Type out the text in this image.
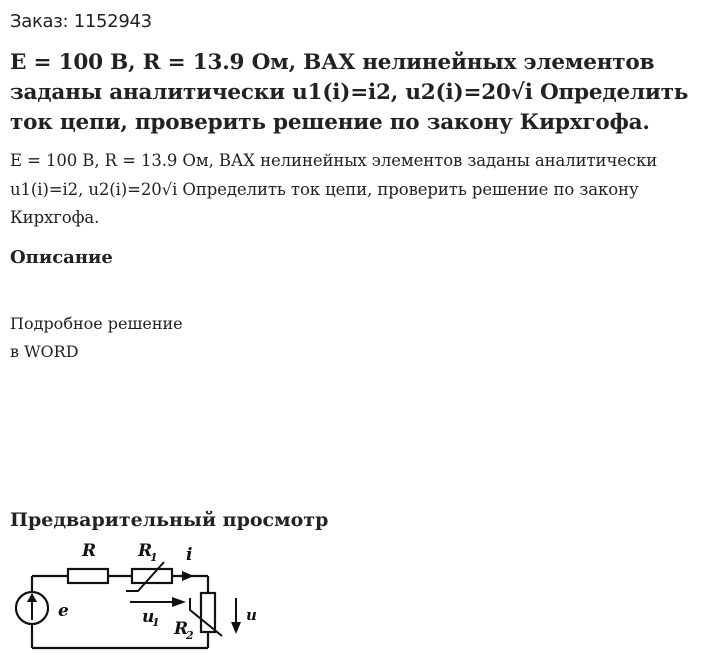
Заказ: 1152943
E = 100 В, R = 13.9 Ом, ВАХ нелинейных элементов заданы аналитически u1(i)=i2, u2(i)=20√i Определить ток цепи, проверить решение по закону Кирхгофа.
E = 100 В, R = 13.9 Ом, ВАХ нелинейных элементов заданы аналитически u1(i)=i2, u2(i)=20√i Определить ток цепи, проверить решение по закону Кирхгофа.
Описание
Подробное решение
в WORD
Предварительный просмотр
R R
1 i
e	u
1 R
2
u
